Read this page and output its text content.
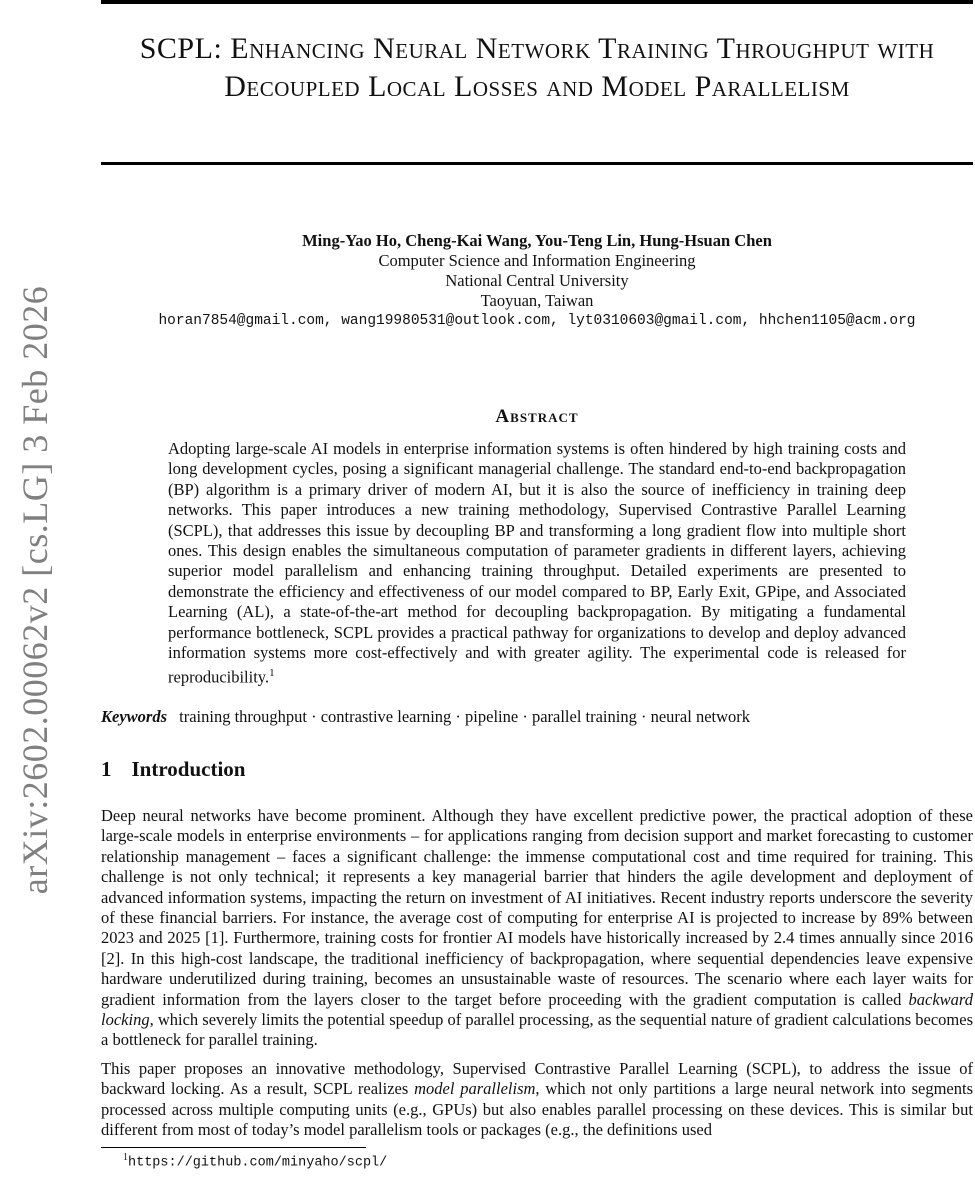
arXiv:2602.00062v2 [cs.LG] 3 Feb 2026
SCPL: Enhancing Neural Network Training Throughput with Decoupled Local Losses and Model Parallelism
Ming-Yao Ho, Cheng-Kai Wang, You-Teng Lin, Hung-Hsuan Chen
Computer Science and Information Engineering
National Central University
Taoyuan, Taiwan
horan7854@gmail.com, wang19980531@outlook.com, lyt0310603@gmail.com, hhchen1105@acm.org
Abstract
Adopting large-scale AI models in enterprise information systems is often hindered by high training costs and long development cycles, posing a significant managerial challenge. The standard end-to-end backpropagation (BP) algorithm is a primary driver of modern AI, but it is also the source of inefficiency in training deep networks. This paper introduces a new training methodology, Supervised Contrastive Parallel Learning (SCPL), that addresses this issue by decoupling BP and transforming a long gradient flow into multiple short ones. This design enables the simultaneous computation of parameter gradients in different layers, achieving superior model parallelism and enhancing training throughput. Detailed experiments are presented to demonstrate the efficiency and effectiveness of our model compared to BP, Early Exit, GPipe, and Associated Learning (AL), a state-of-the-art method for decoupling backpropagation. By mitigating a fundamental performance bottleneck, SCPL provides a practical pathway for organizations to develop and deploy advanced information systems more cost-effectively and with greater agility. The experimental code is released for reproducibility.$^1$
Keywords training throughput · contrastive learning · pipeline · parallel training · neural network
1 Introduction

Deep neural networks have become prominent. Although they have excellent predictive power, the practical adoption of these large-scale models in enterprise environments – for applications ranging from decision support and market forecasting to customer relationship management – faces a significant challenge: the immense computational cost and time required for training. This challenge is not only technical; it represents a key managerial barrier that hinders the agile development and deployment of advanced information systems, impacting the return on investment of AI initiatives. Recent industry reports underscore the severity of these financial barriers. For instance, the average cost of computing for enterprise AI is projected to increase by 89% between 2023 and 2025 [1]. Furthermore, training costs for frontier AI models have historically increased by 2.4 times annually since 2016 [2]. In this high-cost landscape, the traditional inefficiency of backpropagation, where sequential dependencies leave expensive hardware underutilized during training, becomes an unsustainable waste of resources. The scenario where each layer waits for gradient information from the layers closer to the target before proceeding with the gradient computation is called backward locking, which severely limits the potential speedup of parallel processing, as the sequential nature of gradient calculations becomes a bottleneck for parallel training.

This paper proposes an innovative methodology, Supervised Contrastive Parallel Learning (SCPL), to address the issue of backward locking. As a result, SCPL realizes model parallelism, which not only partitions a large neural network into segments processed across multiple computing units (e.g., GPUs) but also enables parallel processing on these devices. This is similar but different from most of today’s model parallelism tools or packages (e.g., the definitions used

$^1$https://github.com/minyaho/scpl/
